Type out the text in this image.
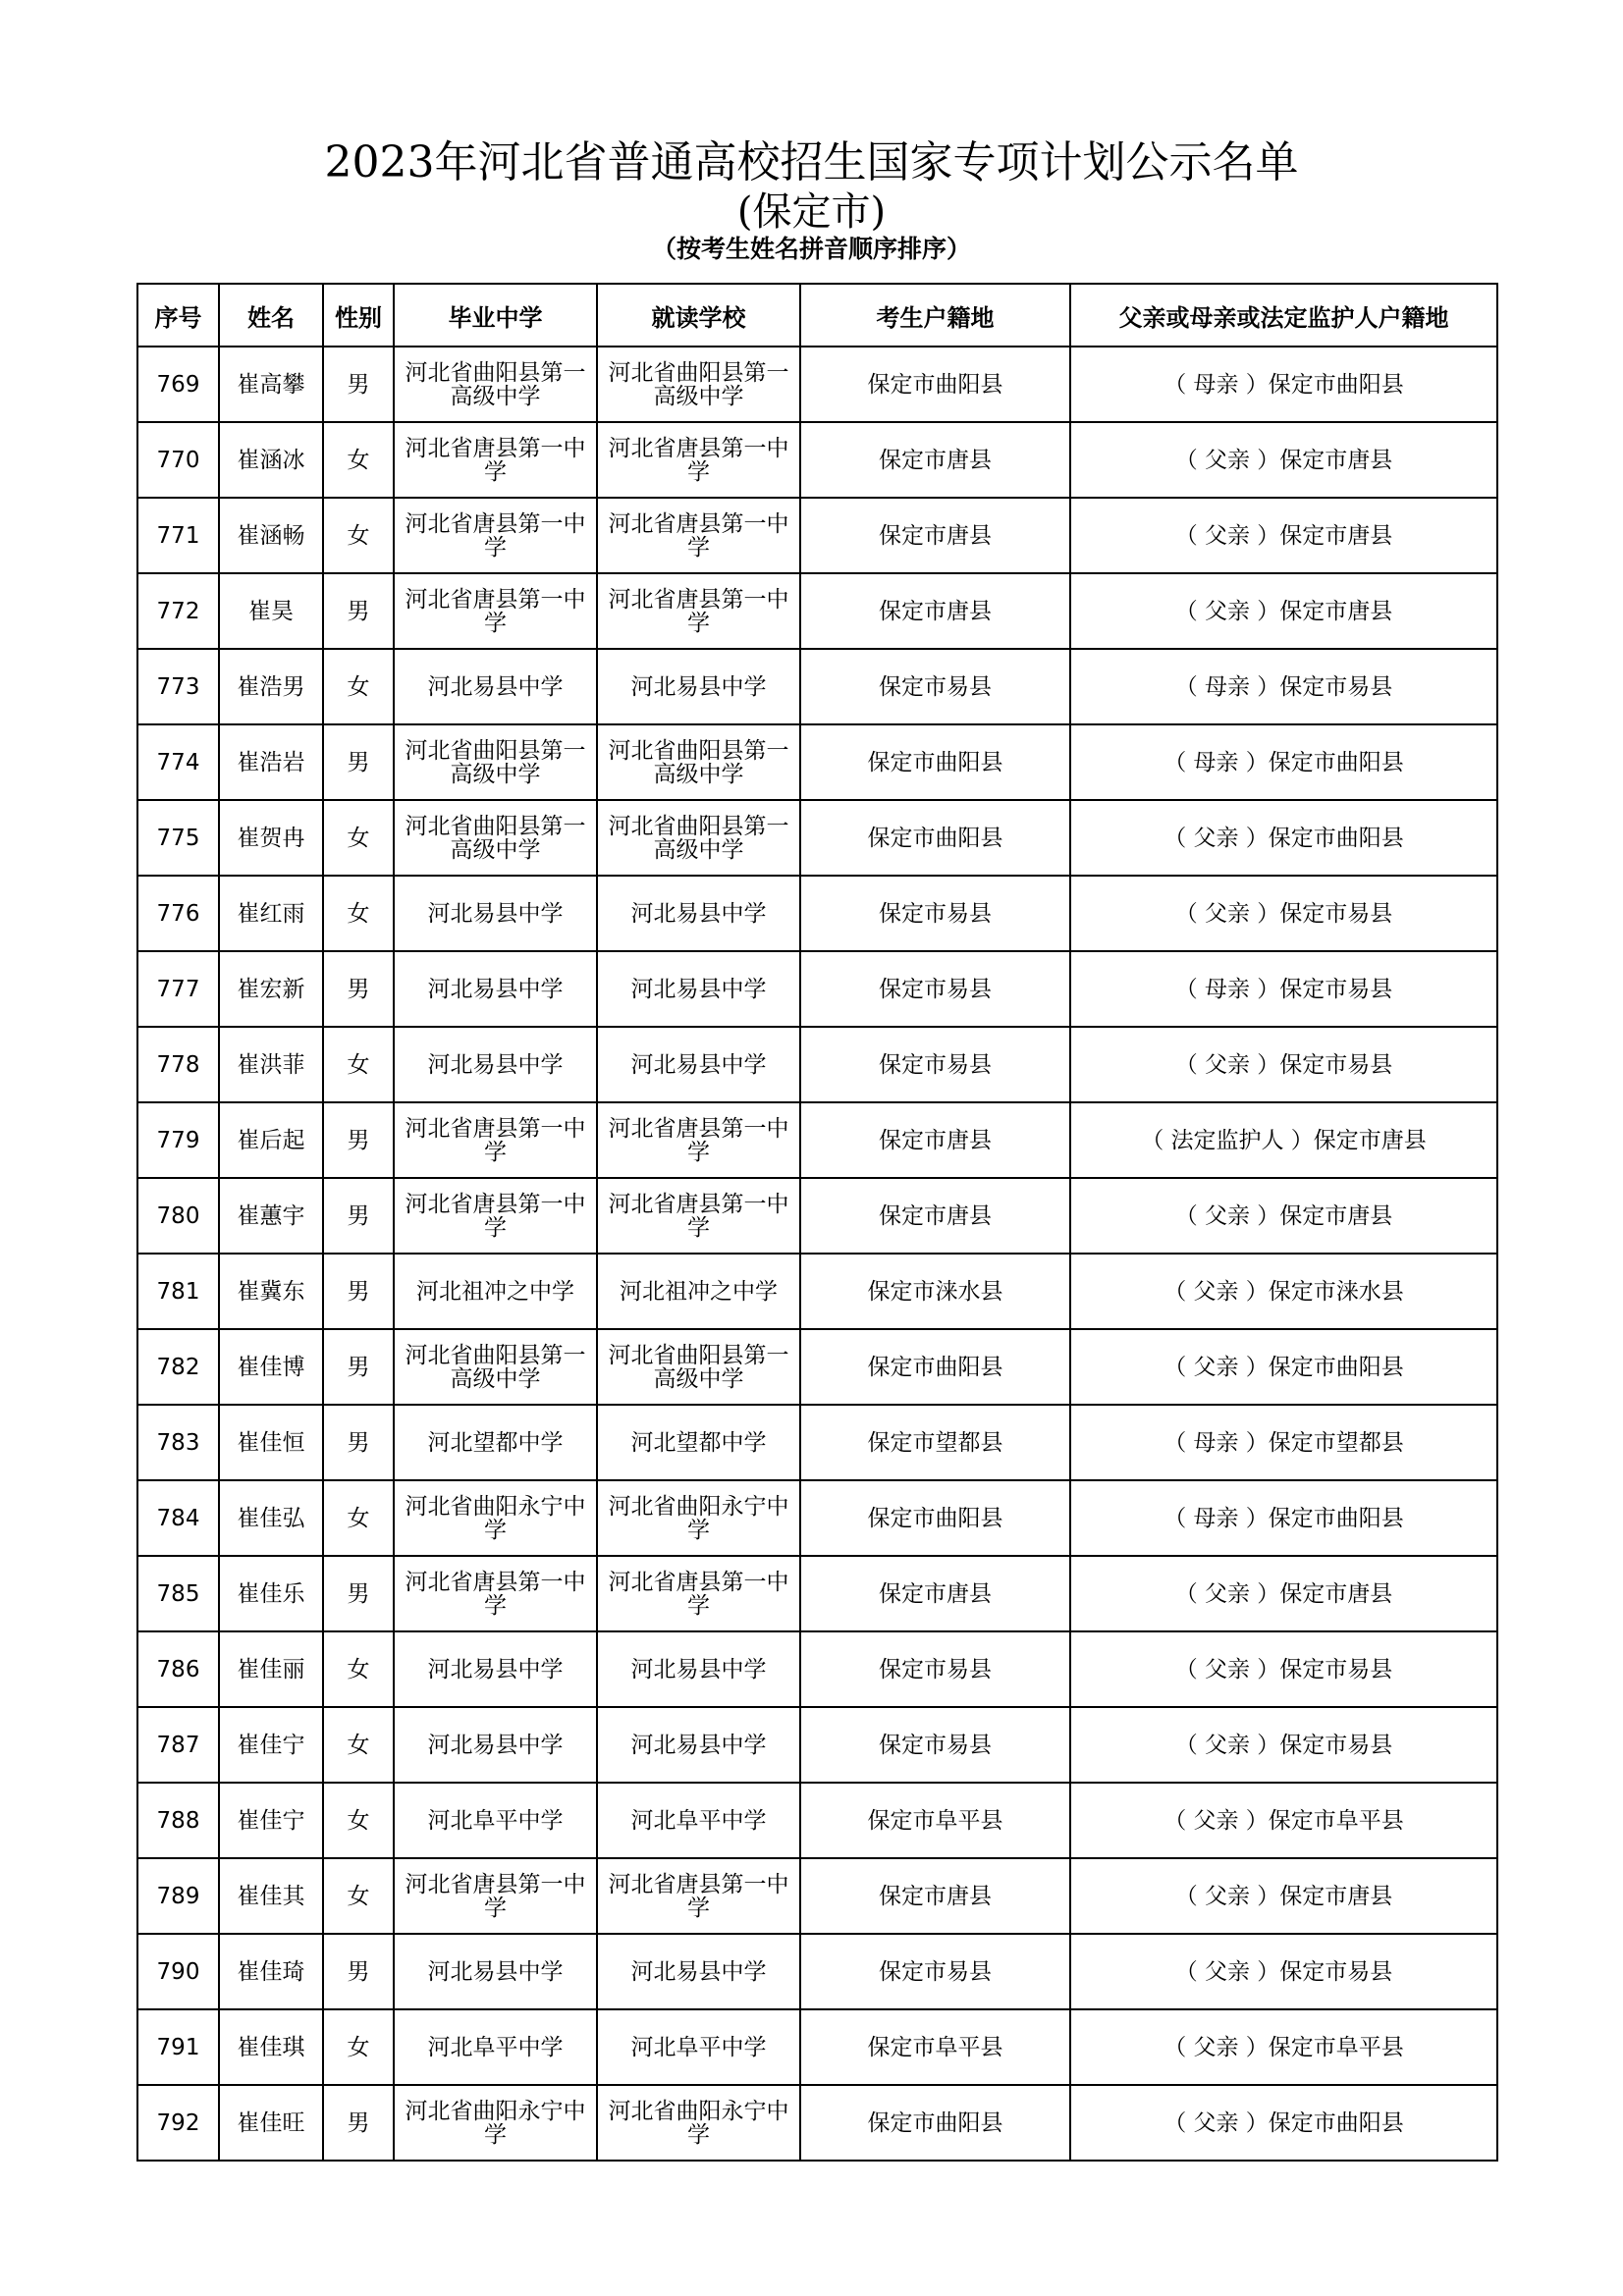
2023年河北省普通高校招生国家专项计划公示名单
(保定市)
（按考生姓名拼音顺序排序）
序号	姓名	性别	毕业中学	就读学校	考生户籍地	父亲或母亲或法定监护人户籍地
769	崔高攀	男	河北省曲阳县第一高级中学	河北省曲阳县第一高级中学	保定市曲阳县	（ 母亲 ）保定市曲阳县
770	崔涵冰	女	河北省唐县第一中学	河北省唐县第一中学	保定市唐县	（ 父亲 ）保定市唐县
771	崔涵畅	女	河北省唐县第一中学	河北省唐县第一中学	保定市唐县	（ 父亲 ）保定市唐县
772	崔昊	男	河北省唐县第一中学	河北省唐县第一中学	保定市唐县	（ 父亲 ）保定市唐县
773	崔浩男	女	河北易县中学	河北易县中学	保定市易县	（ 母亲 ）保定市易县
774	崔浩岩	男	河北省曲阳县第一高级中学	河北省曲阳县第一高级中学	保定市曲阳县	（ 母亲 ）保定市曲阳县
775	崔贺冉	女	河北省曲阳县第一高级中学	河北省曲阳县第一高级中学	保定市曲阳县	（ 父亲 ）保定市曲阳县
776	崔红雨	女	河北易县中学	河北易县中学	保定市易县	（ 父亲 ）保定市易县
777	崔宏新	男	河北易县中学	河北易县中学	保定市易县	（ 母亲 ）保定市易县
778	崔洪菲	女	河北易县中学	河北易县中学	保定市易县	（ 父亲 ）保定市易县
779	崔后起	男	河北省唐县第一中学	河北省唐县第一中学	保定市唐县	（ 法定监护人 ）保定市唐县
780	崔蕙宇	男	河北省唐县第一中学	河北省唐县第一中学	保定市唐县	（ 父亲 ）保定市唐县
781	崔冀东	男	河北祖冲之中学	河北祖冲之中学	保定市涞水县	（ 父亲 ）保定市涞水县
782	崔佳博	男	河北省曲阳县第一高级中学	河北省曲阳县第一高级中学	保定市曲阳县	（ 父亲 ）保定市曲阳县
783	崔佳恒	男	河北望都中学	河北望都中学	保定市望都县	（ 母亲 ）保定市望都县
784	崔佳弘	女	河北省曲阳永宁中学	河北省曲阳永宁中学	保定市曲阳县	（ 母亲 ）保定市曲阳县
785	崔佳乐	男	河北省唐县第一中学	河北省唐县第一中学	保定市唐县	（ 父亲 ）保定市唐县
786	崔佳丽	女	河北易县中学	河北易县中学	保定市易县	（ 父亲 ）保定市易县
787	崔佳宁	女	河北易县中学	河北易县中学	保定市易县	（ 父亲 ）保定市易县
788	崔佳宁	女	河北阜平中学	河北阜平中学	保定市阜平县	（ 父亲 ）保定市阜平县
789	崔佳其	女	河北省唐县第一中学	河北省唐县第一中学	保定市唐县	（ 父亲 ）保定市唐县
790	崔佳琦	男	河北易县中学	河北易县中学	保定市易县	（ 父亲 ）保定市易县
791	崔佳琪	女	河北阜平中学	河北阜平中学	保定市阜平县	（ 父亲 ）保定市阜平县
792	崔佳旺	男	河北省曲阳永宁中学	河北省曲阳永宁中学	保定市曲阳县	（ 父亲 ）保定市曲阳县
